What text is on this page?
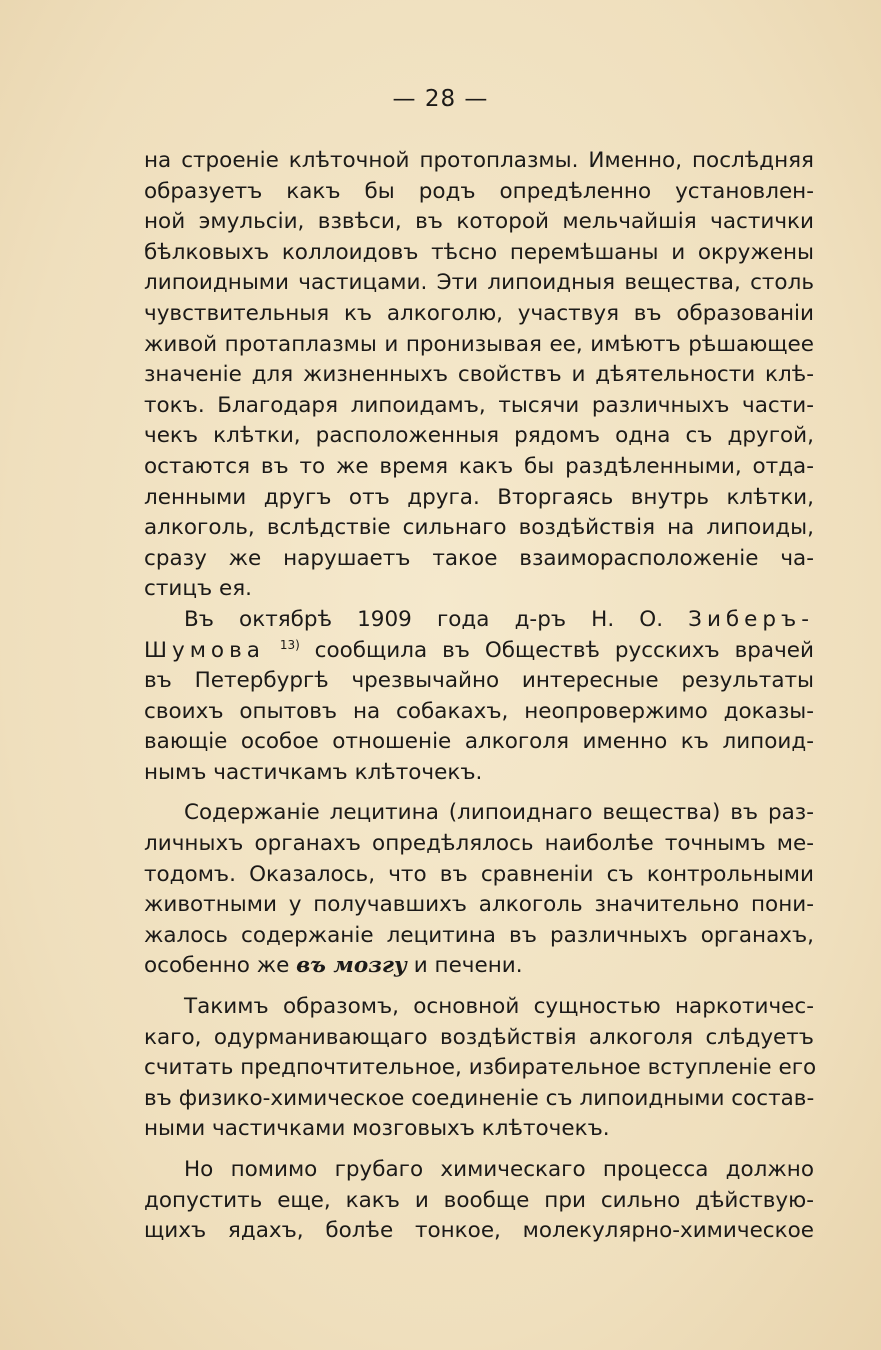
— 28 —
на строеніе клѣточной протоплазмы. Именно, послѣдняя
образуетъ какъ бы родъ опредѣленно установлен-
ной эмульсіи, взвѣси, въ которой мельчайшія частички
бѣлковыхъ коллоидовъ тѣсно перемѣшаны и окружены
липоидными частицами. Эти липоидныя вещества, столь
чувствительныя къ алкоголю, участвуя въ образованіи
живой протаплазмы и пронизывая ее, имѣютъ рѣшающее
значеніе для жизненныхъ свойствъ и дѣятельности клѣ-
токъ. Благодаря липоидамъ, тысячи различныхъ части-
чекъ клѣтки, расположенныя рядомъ одна съ другой,
остаются въ то же время какъ бы раздѣленными, отда-
ленными другъ отъ друга. Вторгаясь внутрь клѣтки,
алкоголь, вслѣдствіе сильнаго воздѣйствія на липоиды,
сразу же нарушаетъ такое взаиморасположеніе ча-
стицъ ея.
Въ октябрѣ 1909 года д-ръ Н. О. Зиберъ-
Шумова $^{13)}$ сообщила въ Обществѣ русскихъ врачей
въ Петербургѣ чрезвычайно интересные результаты
своихъ опытовъ на собакахъ, неопровержимо доказы-
вающіе особое отношеніе алкоголя именно къ липоид-
нымъ частичкамъ клѣточекъ.
Содержаніе лецитина (липоиднаго вещества) въ раз-
личныхъ органахъ опредѣлялось наиболѣе точнымъ ме-
тодомъ. Оказалось, что въ сравненіи съ контрольными
животными у получавшихъ алкоголь значительно пони-
жалось содержаніе лецитина въ различныхъ органахъ,
особенно же въ мозгу и печени.
Такимъ образомъ, основной сущностью наркотичес-
каго, одурманивающаго воздѣйствія алкоголя слѣдуетъ
считать предпочтительное, избирательное вступленіе его
въ физико-химическое соединеніе съ липоидными состав-
ными частичками мозговыхъ клѣточекъ.
Но помимо грубаго химическаго процесса должно
допустить еще, какъ и вообще при сильно дѣйствую-
щихъ ядахъ, болѣе тонкое, молекулярно-химическое
